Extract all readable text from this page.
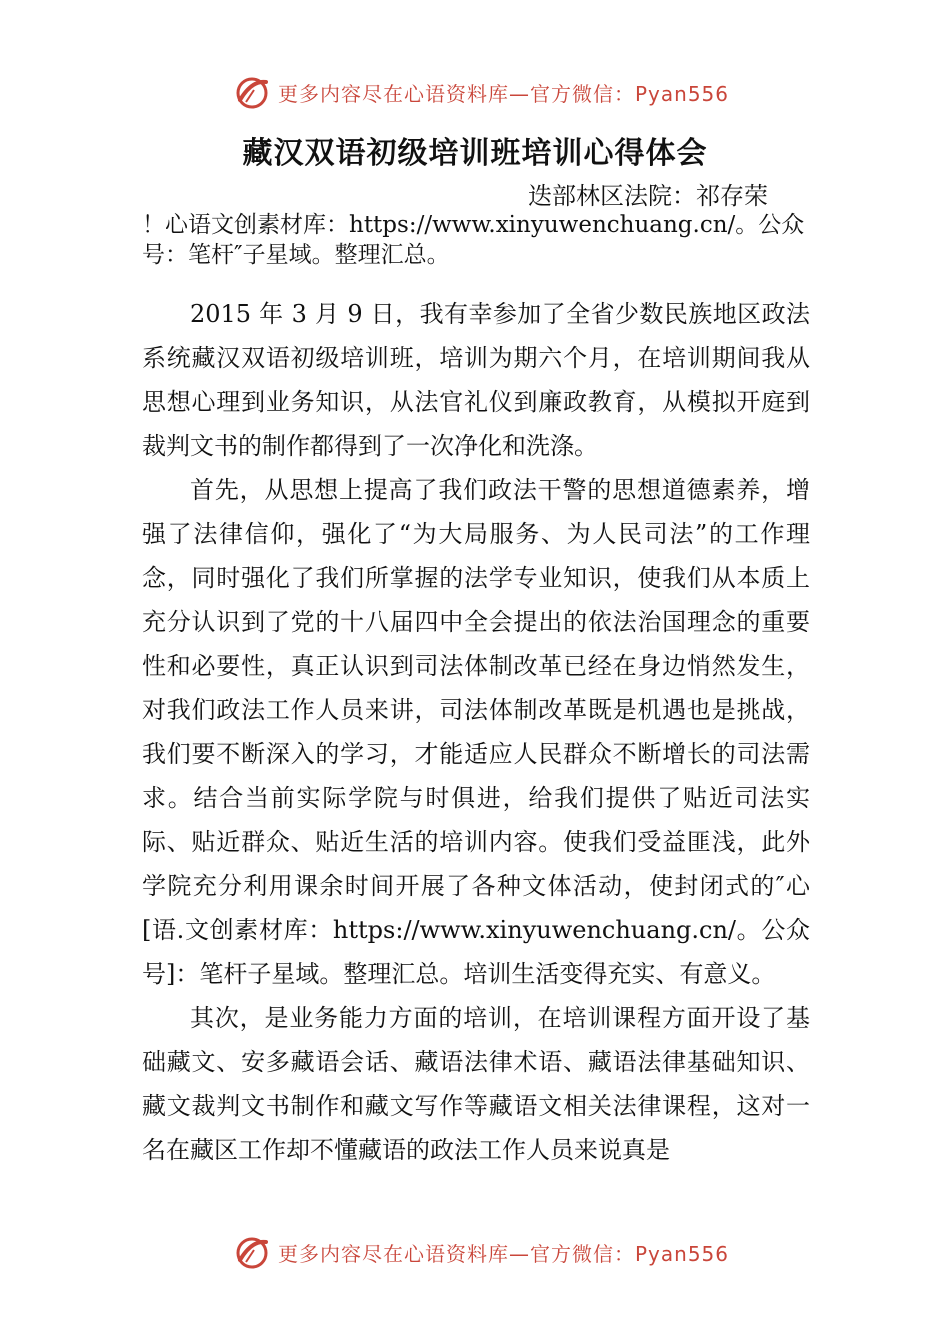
更多内容尽在心语资料库—官方微信：Pyan556
藏汉双语初级培训班培训心得体会
迭部林区法院：祁存荣
！心语文创素材库：https://www.xinyuwenchuang.cn/。公众号：笔杆″子星域。整理汇总。

2015 年 3 月 9 日，我有幸参加了全省少数民族地区政法系统藏汉双语初级培训班，培训为期六个月，在培训期间我从思想心理到业务知识，从法官礼仪到廉政教育，从模拟开庭到裁判文书的制作都得到了一次净化和洗涤。

首先，从思想上提高了我们政法干警的思想道德素养，增强了法律信仰，强化了“为大局服务、为人民司法”的工作理念，同时强化了我们所掌握的法学专业知识，使我们从本质上充分认识到了党的十八届四中全会提出的依法治国理念的重要性和必要性，真正认识到司法体制改革已经在身边悄然发生，对我们政法工作人员来讲，司法体制改革既是机遇也是挑战，我们要不断深入的学习，才能适应人民群众不断增长的司法需求。结合当前实际学院与时俱进，给我们提供了贴近司法实际、贴近群众、贴近生活的培训内容。使我们受益匪浅，此外学院充分利用课余时间开展了各种文体活动，使封闭式的″心[语.文创素材库：https://www.xinyuwenchuang.cn/。公众号]：笔杆子星域。整理汇总。培训生活变得充实、有意义。

其次，是业务能力方面的培训，在培训课程方面开设了基础藏文、安多藏语会话、藏语法律术语、藏语法律基础知识、藏文裁判文书制作和藏文写作等藏语文相关法律课程，这对一名在藏区工作却不懂藏语的政法工作人员来说真是

更多内容尽在心语资料库—官方微信：Pyan556
